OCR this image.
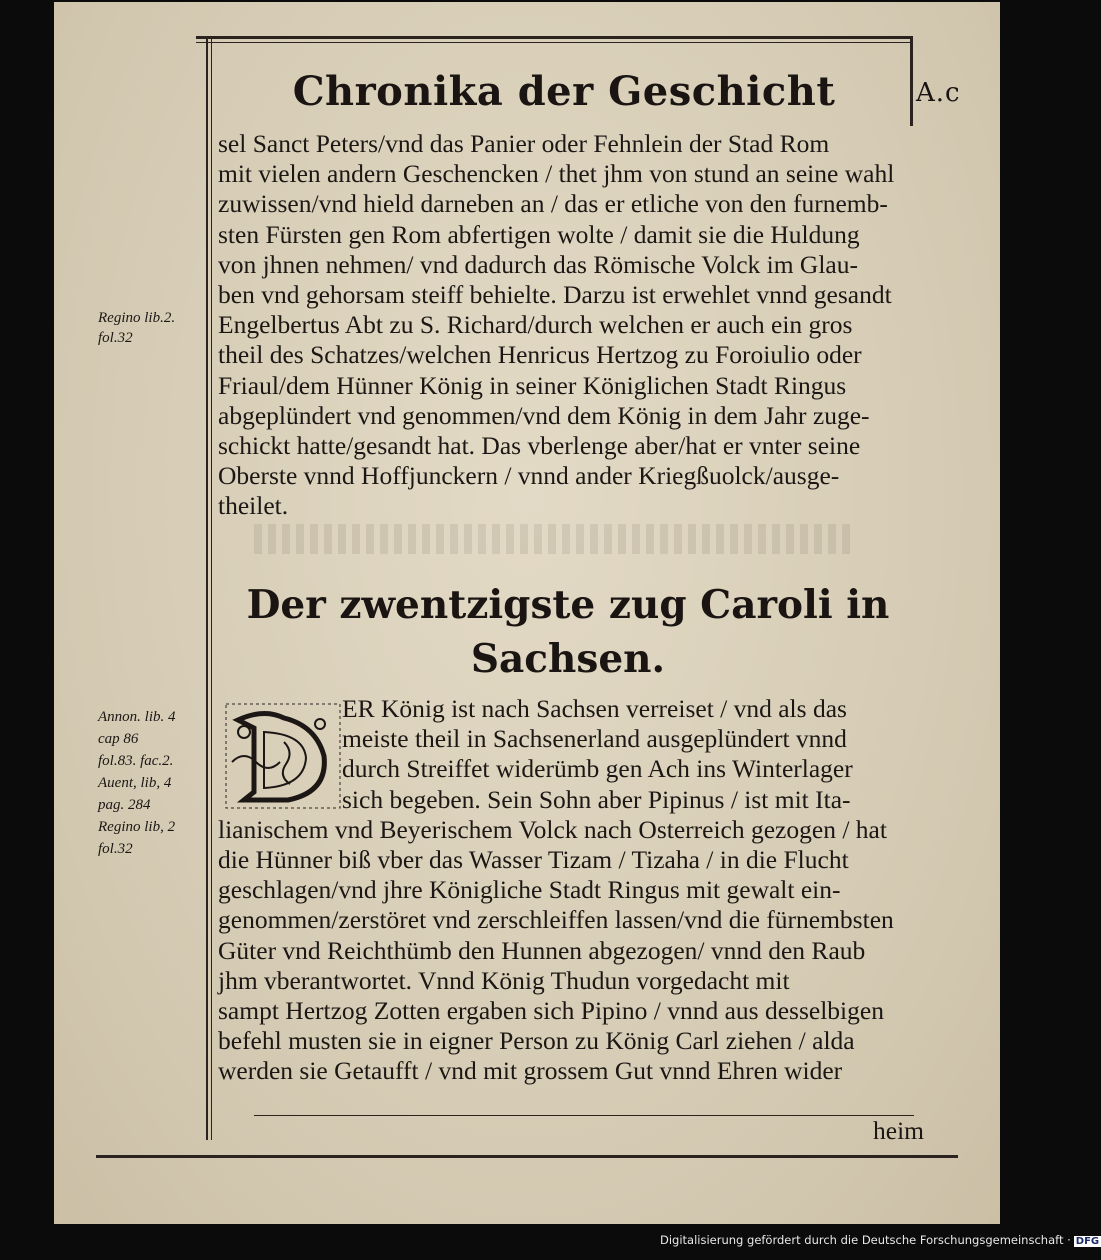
Chronika der Geschicht	A.c
Regino lib.2.
fol.32
sel Sanct Peters/vnd das Panier oder Fehnlein der Stad Rom
mit vielen andern Geschencken / thet jhm von stund an seine wahl
zuwissen/vnd hield darneben an / das er etliche von den furnemb-
sten Fürsten gen Rom abfertigen wolte / damit sie die Huldung
von jhnen nehmen/ vnd dadurch das Römische Volck im Glau-
ben vnd gehorsam steiff behielte. Darzu ist erwehlet vnnd gesandt
Engelbertus Abt zu S. Richard/durch welchen er auch ein gros
theil des Schatzes/welchen Henricus Hertzog zu Foroiulio oder
Friaul/dem Hünner König in seiner Königlichen Stadt Ringus
abgeplündert vnd genommen/vnd dem König in dem Jahr zuge-
schickt hatte/gesandt hat. Das vberlenge aber/hat er vnter seine
Oberste vnnd Hoffjunckern / vnnd ander Kriegßuolck/ausge-
theilet.
Der zwentzigste zug Caroli in
Sachsen.
Annon. lib. 4
cap 86
fol.83. fac.2.
Auent, lib, 4
pag. 284
Regino lib, 2
fol.32
ER König ist nach Sachsen verreiset / vnd als das
meiste theil in Sachsenerland ausgeplündert vnnd
durch Streiffet widerümb gen Ach ins Winterlager
sich begeben. Sein Sohn aber Pipinus / ist mit Ita-
lianischem vnd Beyerischem Volck nach Osterreich gezogen / hat
die Hünner biß vber das Wasser Tizam / Tizaha / in die Flucht
geschlagen/vnd jhre Königliche Stadt Ringus mit gewalt ein-
genommen/zerstöret vnd zerschleiffen lassen/vnd die fürnembsten
Güter vnd Reichthümb den Hunnen abgezogen/ vnnd den Raub
jhm vberantwortet. Vnnd König Thudun vorgedacht mit
sampt Hertzog Zotten ergaben sich Pipino / vnnd aus desselbigen
befehl musten sie in eigner Person zu König Carl ziehen / alda
werden sie Getaufft / vnd mit grossem Gut vnnd Ehren wider
heim
Digitalisierung gefördert durch die Deutsche Forschungsgemeinschaft · DFG
